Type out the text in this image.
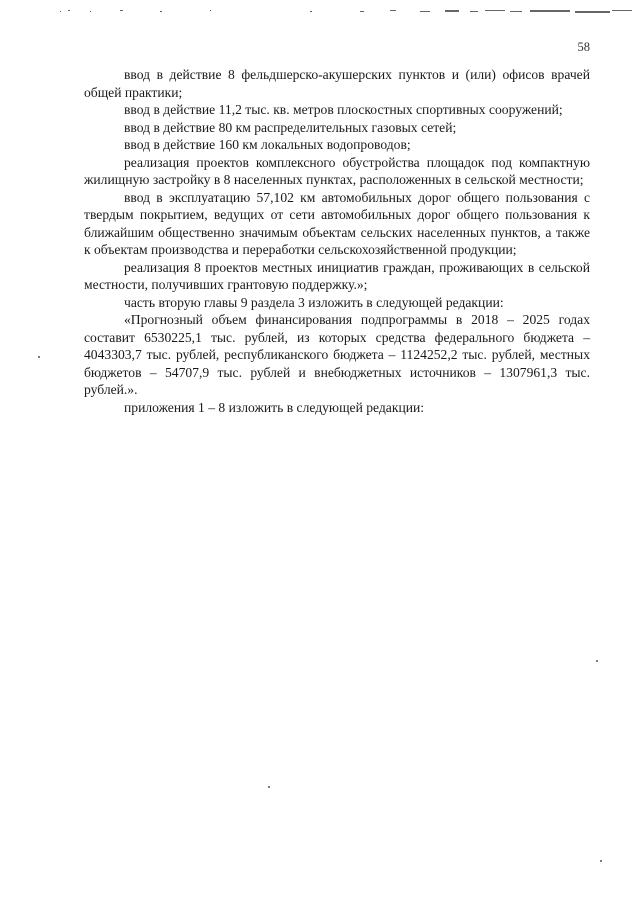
58

ввод в действие 8 фельдшерско-акушерских пунктов и (или) офисов врачей общей практики;

ввод в действие 11,2 тыс. кв. метров плоскостных спортивных сооружений;

ввод в действие 80 км распределительных газовых сетей;

ввод в действие 160 км локальных водопроводов;

реализация проектов комплексного обустройства площадок под компактную жилищную застройку в 8 населенных пунктах, расположенных в сельской местности;

ввод в эксплуатацию 57,102 км автомобильных дорог общего пользования с твердым покрытием, ведущих от сети автомобильных дорог общего пользования к ближайшим общественно значимым объектам сельских населенных пунктов, а также к объектам производства и переработки сельскохозяйственной продукции;

реализация 8 проектов местных инициатив граждан, проживающих в сельской местности, получивших грантовую поддержку.»;

часть вторую главы 9 раздела 3 изложить в следующей редакции:

«Прогнозный объем финансирования подпрограммы в 2018 – 2025 годах составит 6530225,1 тыс. рублей, из которых средства федерального бюджета – 4043303,7 тыс. рублей, республиканского бюджета – 1124252,2 тыс. рублей, местных бюджетов – 54707,9 тыс. рублей и внебюджетных источников – 1307961,3 тыс. рублей.».

приложения 1 – 8 изложить в следующей редакции:
